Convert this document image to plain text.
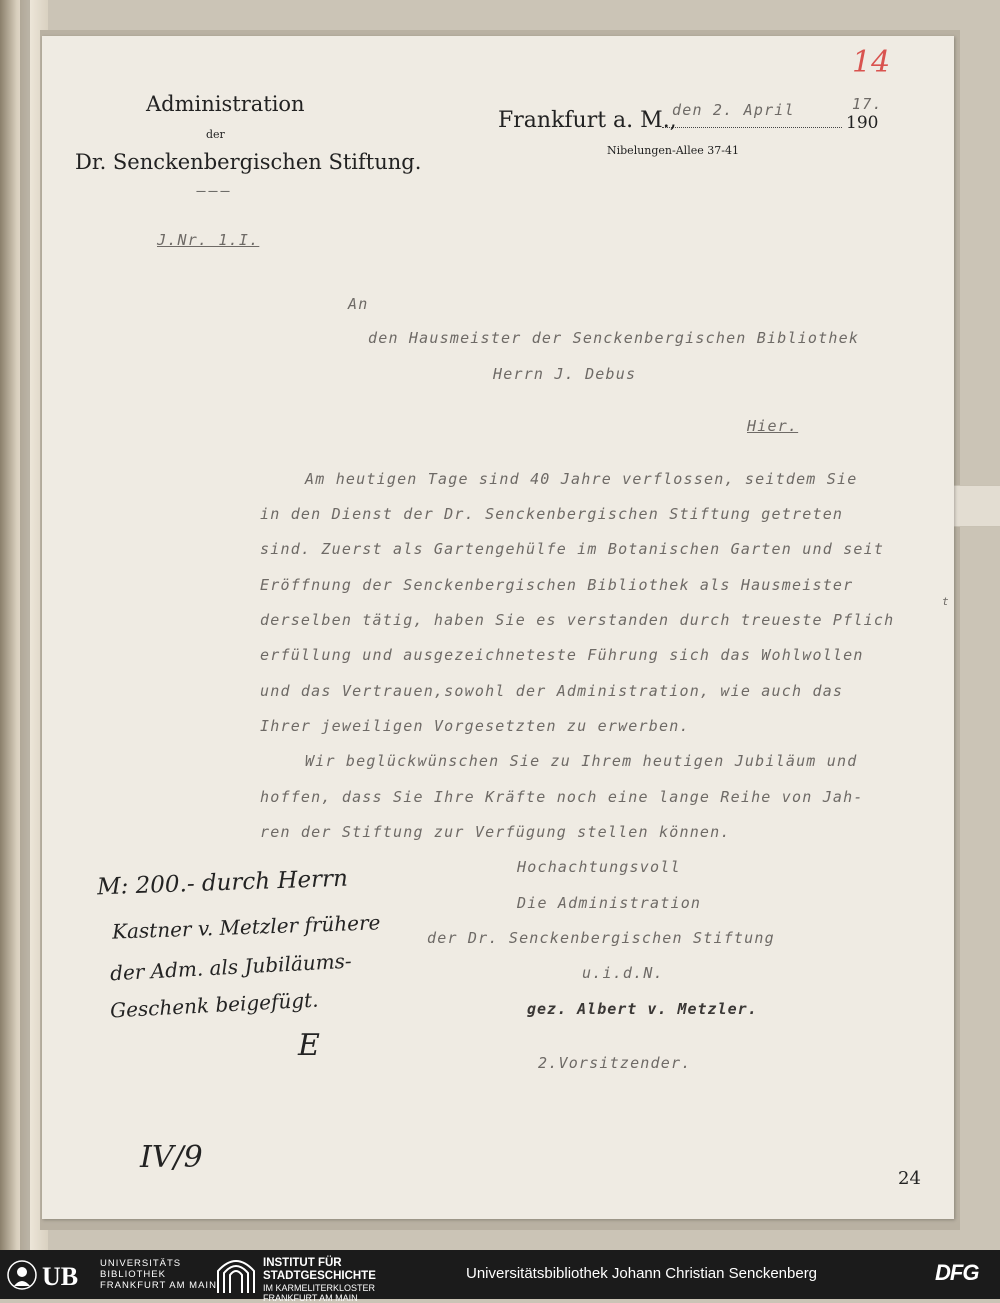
Administration
der
Dr. Senckenbergischen Stiftung.
———
Frankfurt a. M.,
den 2. April
190
17.
Nibelungen-Allee 37-41
14
J.Nr. 1.I.
An
den Hausmeister der Senckenbergischen Bibliothek
Herrn J. Debus
Hier.
Am heutigen Tage sind 40 Jahre verflossen, seitdem Sie
in den Dienst der Dr. Senckenbergischen Stiftung getreten
sind. Zuerst als Gartengehülfe im Botanischen Garten und seit
Eröffnung der Senckenbergischen Bibliothek als Hausmeister
derselben tätig, haben Sie es verstanden durch treueste Pflich
t
erfüllung und ausgezeichneteste Führung sich das Wohlwollen
und das Vertrauen,sowohl der Administration, wie auch das
Ihrer jeweiligen Vorgesetzten zu erwerben.
Wir beglückwünschen Sie zu Ihrem heutigen Jubiläum und
hoffen, dass Sie Ihre Kräfte noch eine lange Reihe von Jah-
ren der Stiftung zur Verfügung stellen können.
Hochachtungsvoll
Die Administration
der Dr. Senckenbergischen Stiftung
u.i.d.N.
gez. Albert v. Metzler.
2.Vorsitzender.
M: 200.- durch Herrn
Kastner v. Metzler frühere
der Adm. als Jubiläums-
Geschenk beigefügt.
E
IV/9
24
UB UNIVERSITÄTS
BIBLIOTHEK
FRANKFURT AM MAIN
INSTITUT FÜR
STADTGESCHICHTE
IM KARMELITERKLOSTER
FRANKFURT AM MAIN
Universitätsbibliothek Johann Christian Senckenberg	DFG
